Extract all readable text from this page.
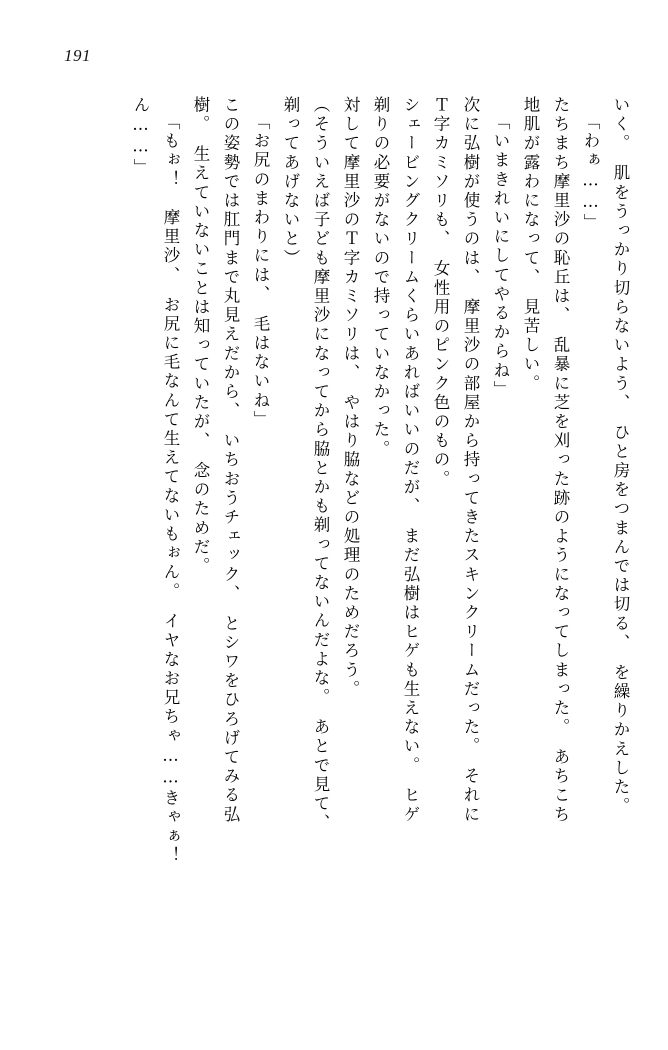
191
いく。　肌をうっかり切らないよう、　ひと房をつまんでは切る、　を繰りかえした。
「わぁ……」
たちまち摩里沙の恥丘は、　乱暴に芝を刈った跡のようになってしまった。　あちこち
地肌が露わになって、　見苦しい。
「いまきれいにしてやるからね」
次に弘樹が使うのは、　摩里沙の部屋から持ってきたスキンクリームだった。　それに
Ｔ字カミソリも、　女性用のピンク色のもの。
シェービングクリームくらいあればいいのだが、　まだ弘樹はヒゲも生えない。　ヒゲ
剃りの必要がないので持っていなかった。
対して摩里沙のＴ字カミソリは、　やはり脇などの処理のためだろう。
（そういえば子ども摩里沙になってから脇とかも剃ってないんだよな。　あとで見て、
剃ってあげないと）
「お尻のまわりには、　毛はないね」
この姿勢では肛門まで丸見えだから、　いちおうチェック、　とシワをひろげてみる弘
樹。　生えていないことは知っていたが、　念のためだ。
「もぉ！　摩里沙、　お尻に毛なんて生えてないもぉん。　イヤなお兄ちゃ……きゃぁ！
ん……」
